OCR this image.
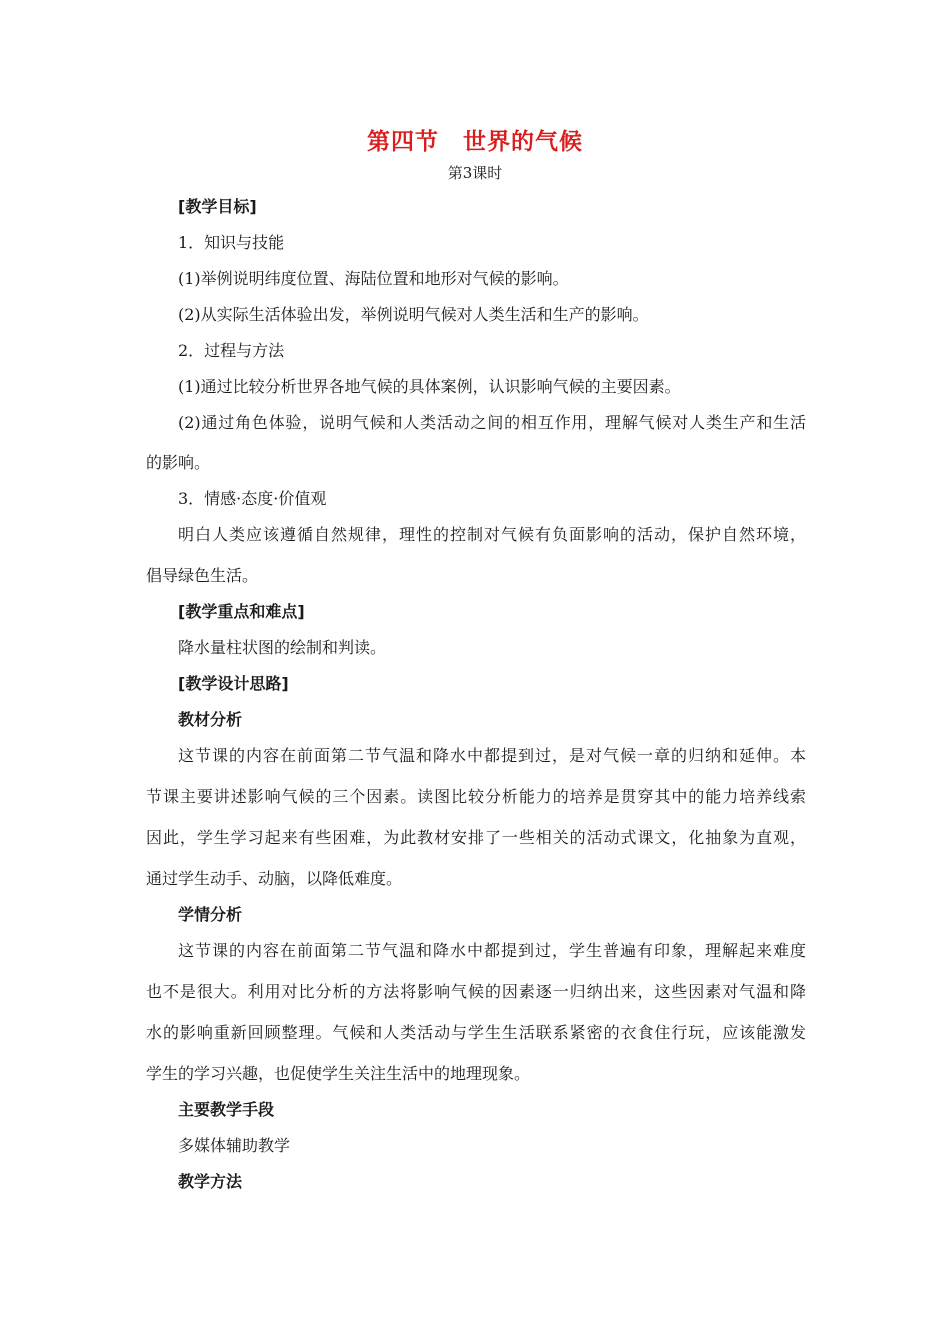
第四节　世界的气候
第3课时
[教学目标]
1．知识与技能
(1)举例说明纬度位置、海陆位置和地形对气候的影响。
(2)从实际生活体验出发，举例说明气候对人类生活和生产的影响。
2．过程与方法
(1)通过比较分析世界各地气候的具体案例，认识影响气候的主要因素。
(2)通过角色体验，说明气候和人类活动之间的相互作用，理解气候对人类生产和生活
的影响。
3．情感·态度·价值观
明白人类应该遵循自然规律，理性的控制对气候有负面影响的活动，保护自然环境，
倡导绿色生活。
[教学重点和难点]
降水量柱状图的绘制和判读。
[教学设计思路]
教材分析
这节课的内容在前面第二节气温和降水中都提到过，是对气候一章的归纳和延伸。本
节课主要讲述影响气候的三个因素。读图比较分析能力的培养是贯穿其中的能力培养线索
因此，学生学习起来有些困难，为此教材安排了一些相关的活动式课文，化抽象为直观，
通过学生动手、动脑，以降低难度。
学情分析
这节课的内容在前面第二节气温和降水中都提到过，学生普遍有印象，理解起来难度
也不是很大。利用对比分析的方法将影响气候的因素逐一归纳出来，这些因素对气温和降
水的影响重新回顾整理。气候和人类活动与学生生活联系紧密的衣食住行玩，应该能激发
学生的学习兴趣，也促使学生关注生活中的地理现象。
主要教学手段
多媒体辅助教学
教学方法
